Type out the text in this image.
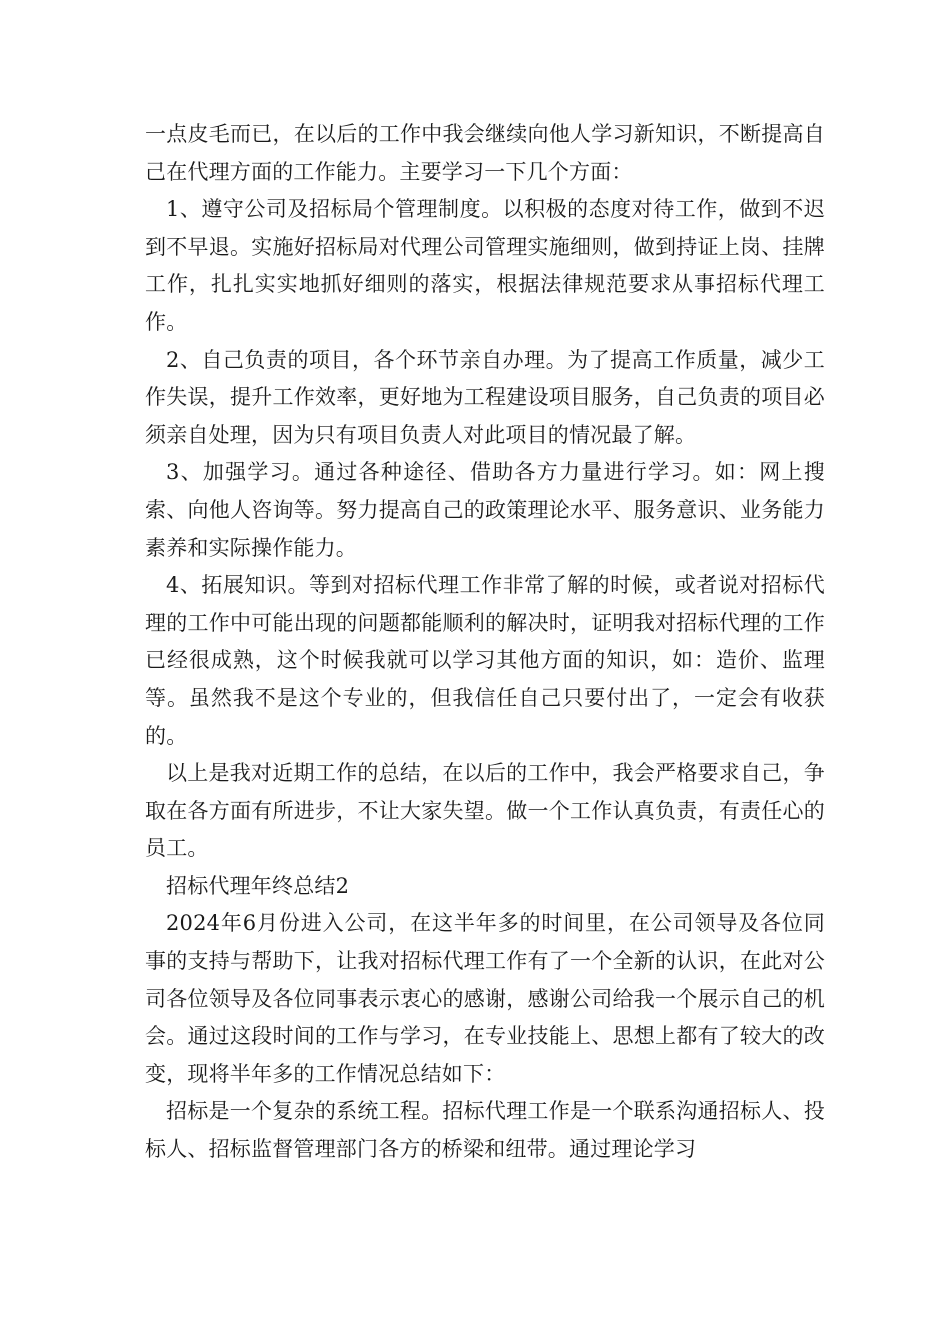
一点皮毛而已，在以后的工作中我会继续向他人学习新知识，不断提高自己在代理方面的工作能力。主要学习一下几个方面：

1、遵守公司及招标局个管理制度。以积极的态度对待工作，做到不迟到不早退。实施好招标局对代理公司管理实施细则，做到持证上岗、挂牌工作，扎扎实实地抓好细则的落实，根据法律规范要求从事招标代理工作。

2、自己负责的项目，各个环节亲自办理。为了提高工作质量，减少工作失误，提升工作效率，更好地为工程建设项目服务，自己负责的项目必须亲自处理，因为只有项目负责人对此项目的情况最了解。

3、加强学习。通过各种途径、借助各方力量进行学习。如：网上搜索、向他人咨询等。努力提高自己的政策理论水平、服务意识、业务能力素养和实际操作能力。

4、拓展知识。等到对招标代理工作非常了解的时候，或者说对招标代理的工作中可能出现的问题都能顺利的解决时，证明我对招标代理的工作已经很成熟，这个时候我就可以学习其他方面的知识，如：造价、监理等。虽然我不是这个专业的，但我信任自己只要付出了，一定会有收获的。

以上是我对近期工作的总结，在以后的工作中，我会严格要求自己，争取在各方面有所进步，不让大家失望。做一个工作认真负责，有责任心的员工。

招标代理年终总结2

2024年6月份进入公司，在这半年多的时间里，在公司领导及各位同事的支持与帮助下，让我对招标代理工作有了一个全新的认识，在此对公司各位领导及各位同事表示衷心的感谢，感谢公司给我一个展示自己的机会。通过这段时间的工作与学习，在专业技能上、思想上都有了较大的改变，现将半年多的工作情况总结如下：

招标是一个复杂的系统工程。招标代理工作是一个联系沟通招标人、投标人、招标监督管理部门各方的桥梁和纽带。通过理论学习
